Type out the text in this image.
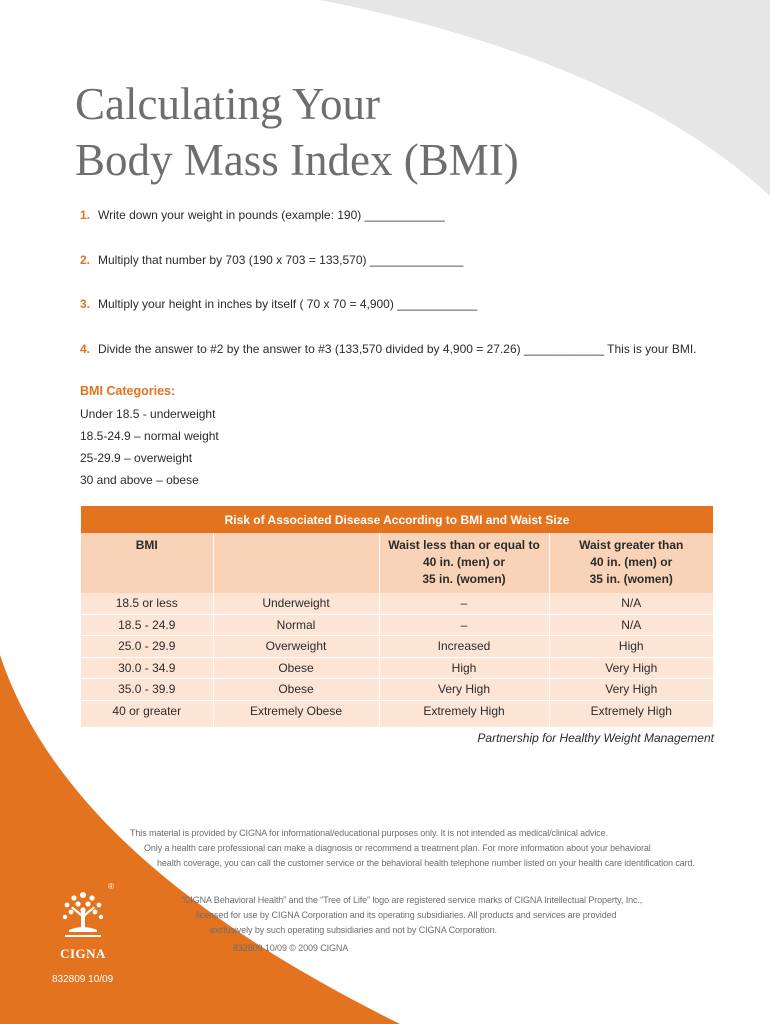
Calculating Your
Body Mass Index (BMI)
1. Write down your weight in pounds (example: 190) ____________
2. Multiply that number by 703 (190 x 703 = 133,570) ______________
3. Multiply your height in inches by itself ( 70 x 70 = 4,900) ____________
4. Divide the answer to #2 by the answer to #3 (133,570 divided by 4,900 = 27.26) ____________ This is your BMI.
BMI Categories:
Under 18.5 - underweight
18.5-24.9 – normal weight
25-29.9 – overweight
30 and above – obese
Risk of Associated Disease According to BMI and Waist Size			
BMI		Waist less than or equal to
40 in. (men) or
35 in. (women)	Waist greater than
40 in. (men) or
35 in. (women)
18.5 or less	Underweight	–	N/A
18.5 - 24.9	Normal	–	N/A
25.0 - 29.9	Overweight	Increased	High
30.0 - 34.9	Obese	High	Very High
35.0 - 39.9	Obese	Very High	Very High
40 or greater	Extremely Obese	Extremely High	Extremely High
Partnership for Healthy Weight Management
This material is provided by CIGNA for informational/educational purposes only. It is not intended as medical/clinical advice.
Only a health care professional can make a diagnosis or recommend a treatment plan. For more information about your behavioral
health coverage, you can call the customer service or the behavioral health telephone number listed on your health care identification card.
“CIGNA Behavioral Health” and the “Tree of Life” logo are registered service marks of CIGNA Intellectual Property, Inc.,
licensed for use by CIGNA Corporation and its operating subsidiaries. All products and services are provided
exclusively by such operating subsidiaries and not by CIGNA Corporation.
832809 10/09 © 2009 CIGNA
®
CIGNA
832809 10/09
